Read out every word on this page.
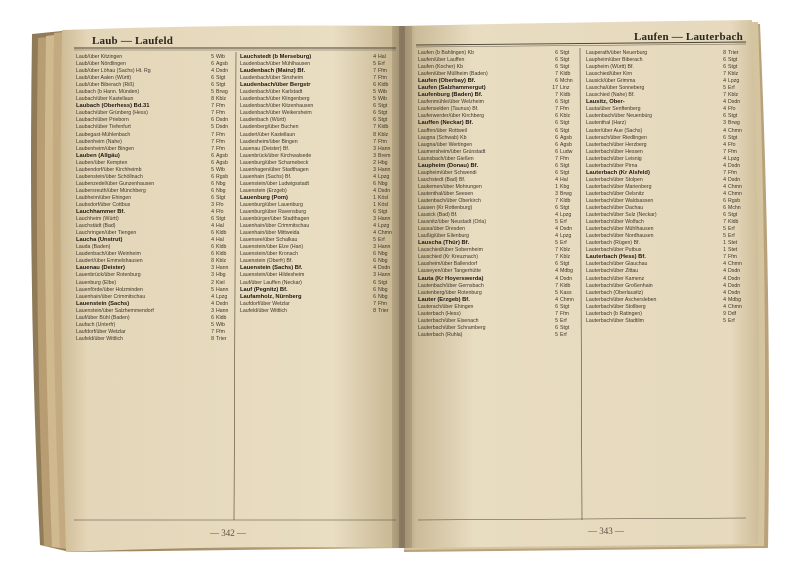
Laub — Laufeld
— 342 —
Laub/über Kitzingen	5 Wib
Laub/über Nördlingen	6 Agsb
Laub/über Löhau (Sachs) Ht. Rg	4 Dsdn
Laub/über Aalen (Württ)	6 Stgt
Laub/über Biberach (Riß)	6 Stgt
Laubach (b Hann. Münden)	5 Brwg
Laubach/über Kastellaun	8 Kblz
Laubach (Oberhess) Bd.31	7 Ffm
Laubach/über Grünberg (Hess)	7 Ffm
Laubach/über Prieborn	6 Dsdn
Laubach/über Tiefenfurt	5 Dsdn
Laubegast-Mühlenbach	7 Ffm
Laubenheim (Nahe)	7 Ffm
Laubenheim/über Bingen	7 Ffm
Lauben (Allgäu)	6 Agsb
Lauben/über Kempten	6 Agsb
Laubendorf/über Kirchheimb	5 Wib
Laubenstein/über Schöllnach	6 Rgsb
Laubenzedel/über Gunzenhausen	6 Nbg
Laubersreuth/über Münchberg	6 Nbg
Laubheim/über Ehingen	6 Stgt
Laubsdorf/über Cottbus	3 Ffo
Lauchhammer Bf.	4 Ffo
Lauchheim (Württ)	6 Stgt
Lauchstädt (Bad)	4 Hal
Lauchringen/über Tiengen	6 Kldb
Laucha (Unstrut)	4 Hal
Lauda (Baden)	6 Kldb
Laudenbach/über Weinheim	6 Kldb
Laudert/über Emmelshausen	8 Kblz
Lauenau (Deister)	3 Hann
Lauenbrück/über Rotenburg	3 Hbg
Lauenburg (Elbe)	2 Kiel
Lauenförde/über Holzminden	5 Hann
Lauenhain/über Crimmitschau	4 Lpzg
Lauenstein (Sachs)	4 Dsdn
Lauenstein/über Salzhemmendorf	3 Hann
Lauf/über Bühl (Baden)	6 Kldb
Laufach (Unterfr)	5 Wib
Laufdorf/über Wetzlar	7 Ffm
Laufeld/über Wittlich	8 Trier
Lauchstedt (b Merseburg)	4 Hal
Laudenbach/über Mühlhausen	5 Erf
Laudenbach (Mainz) Bf.	7 Ffm
Laudenbach/über Sinsheim	7 Ffm
Laudenbach/über Bergstr	6 Kldb
Laudenbach/über Karlstadt	5 Wib
Laudenbach/über Klingenberg	5 Wib
Laudenbach/über Kitzenhausen	6 Stgt
Laudenbach/über Weikersheim	6 Stgt
Laudenbach (Württ)	6 Stgt
Laudenberg/über Buchen	7 Kldb
Laudert/über Kastellaun	8 Kblz
Laudesheim/über Bingen	7 Ffm
Lauenau (Deister) Bf.	3 Hann
Lauenbrück/über Kirchwalsede	3 Brem
Lauenburg/über Scharnebeck	2 Hbg
Lauenhagen/über Stadthagen	3 Hann
Lauenhain (Sachs) Bf.	4 Lpzg
Lauenstein/über Ludwigsstadt	6 Nbg
Lauenstein (Erzgeb)	4 Dsdn
Lauenburg (Pom)	1 Kösl
Lauenburg/über Lauenburg	1 Kösl
Lauenburg/über Ravensburg	6 Stgt
Lauenbürger/über Stadthagen	3 Hann
Lauenhain/über Crimmitschau	4 Lpzg
Lauenhain/über Mittweida	4 Chmn
Lauensee/über Schalkau	5 Erf
Lauenstein/über Elze (Han)	3 Hann
Lauenstein/über Kronach	6 Nbg
Lauenstein (Oberfr) Bf.	6 Nbg
Lauenstein (Sachs) Bf.	4 Dsdn
Lauenstein/über Hildesheim	3 Hann
Lauf/über Lauffen (Neckar)	6 Stgt
Lauf (Pegnitz) Bf.	6 Nbg
Laufamholz, Nürnberg	6 Nbg
Laufdorf/über Wetzlar	7 Ffm
Laufeld/über Wittlich	8 Trier
Laufen — Lauterbach
— 343 —
Laufen (b Bahlingen) Kb	6 Stgt
Laufen/über Lauffen	6 Stgt
Laufen (Kocher) Kb	6 Stgt
Laufen/über Müllheim (Baden)	7 Kldb
Laufen (Oberbay) Bf.	6 Mchn
Laufen (Salzhammergut)	17 Linz
Laufenburg (Baden) Bf.	7 Kldb
Laufenmühle/über Welzheim	6 Stgt
Laufenselden (Taunus) Bf.	7 Ffm
Lauferwerder/über Kirchberg	6 Kblz
Lauffen (Neckar) Bf.	6 Stgt
Lauffen/über Rottweil	6 Stgt
Laugna (Schwab) Kb	6 Agsb
Laugna/über Wertingen	6 Agsb
Laumersheim/über Grünstadt	6 Ludw
Launsbach/über Gießen	7 Ffm
Laupheim (Donau) Bf.	6 Stgt
Laupheim/über Schwendi	6 Stgt
Lauchstedt (Bad) Bf.	4 Hal
Laukemen/über Mohrungen	1 Kbg
Lautenthal/über Seesen	3 Brwg
Lautenbach/über Oberkirch	7 Kldb
Lausen (Kr Rottenburg)	6 Stgt
Lausick (Bad) Bf.	4 Lpzg
Lausnitz/über Neustadt (Orla)	5 Erf
Lausa/über Dresden	4 Dsdn
Laußig/über Eilenburg	4 Lpzg
Lauscha (Thür) Bf.	5 Erf
Lauschied/über Sobernheim	7 Kblz
Lauschied (Kr Kreuznach)	7 Kblz
Lausheim/über Ballendorf	6 Stgt
Lauseyen/über Tangerhütte	4 Mdbg
Lauta (Kr Hoyerswerda)	4 Dsdn
Lautenbach/über Gernsbach	7 Kldb
Lautenberg/über Rotenburg	5 Kass
Lauter (Erzgeb) Bf.	4 Chmn
Lauterach/über Ehingen	6 Stgt
Lauterbach (Hess)	7 Ffm
Lauterbach/über Eisenach	5 Erf
Lauterbach/über Schramberg	6 Stgt
Lauterbach (Ruhla)	5 Erf
Lauperath/über Neuerburg	8 Trier
Laupheim/über Biberach	6 Stgt
Laupheim (Württ) Bf.	6 Stgt
Lauschied/über Kirn	7 Kblz
Lausick/über Grimma	4 Lpzg
Lauscha/über Sonneberg	5 Erf
Lauschied (Nahe) Bf.	7 Kblz
Lausitz, Ober-	4 Dsdn
Lauta/über Senftenberg	4 Ffo
Lautenbach/über Neuenbürg	6 Stgt
Lautenthal (Harz)	3 Brwg
Lauter/über Aue (Sachs)	4 Chmn
Lauterach/über Riedlingen	6 Stgt
Lauterbach/über Herzberg	4 Ffo
Lauterbach/über Hessen	7 Ffm
Lauterbach/über Leisnig	4 Lpzg
Lauterbach/über Pirna	4 Dsdn
Lauterbach (Kr Alsfeld)	7 Ffm
Lauterbach/über Stolpen	4 Dsdn
Lauterbach/über Marienberg	4 Chmn
Lauterbach/über Oelsnitz	4 Chmn
Lauterbach/über Waldsassen	6 Rgsb
Lauterbach/über Dachau	6 Mchn
Lauterbach/über Sulz (Neckar)	6 Stgt
Lauterbach/über Wolfach	7 Kldb
Lauterbach/über Mühlhausen	5 Erf
Lauterbach/über Nordhausen	5 Erf
Lauterbach (Rügen) Bf.	1 Stet
Lauterbach/über Putbus	1 Stet
Lauterbach (Hess) Bf.	7 Ffm
Lauterbach/über Glauchau	4 Chmn
Lauterbach/über Zittau	4 Dsdn
Lauterbach/über Kamenz	4 Dsdn
Lauterbach/über Großenhain	4 Dsdn
Lauterbach (Oberlausitz)	4 Dsdn
Lauterbach/über Aschersleben	4 Mdbg
Lauterbach/über Stollberg	4 Chmn
Lauterbach (b Ratingen)	9 Ddf
Lauterbach/über Stadtilm	5 Erf
